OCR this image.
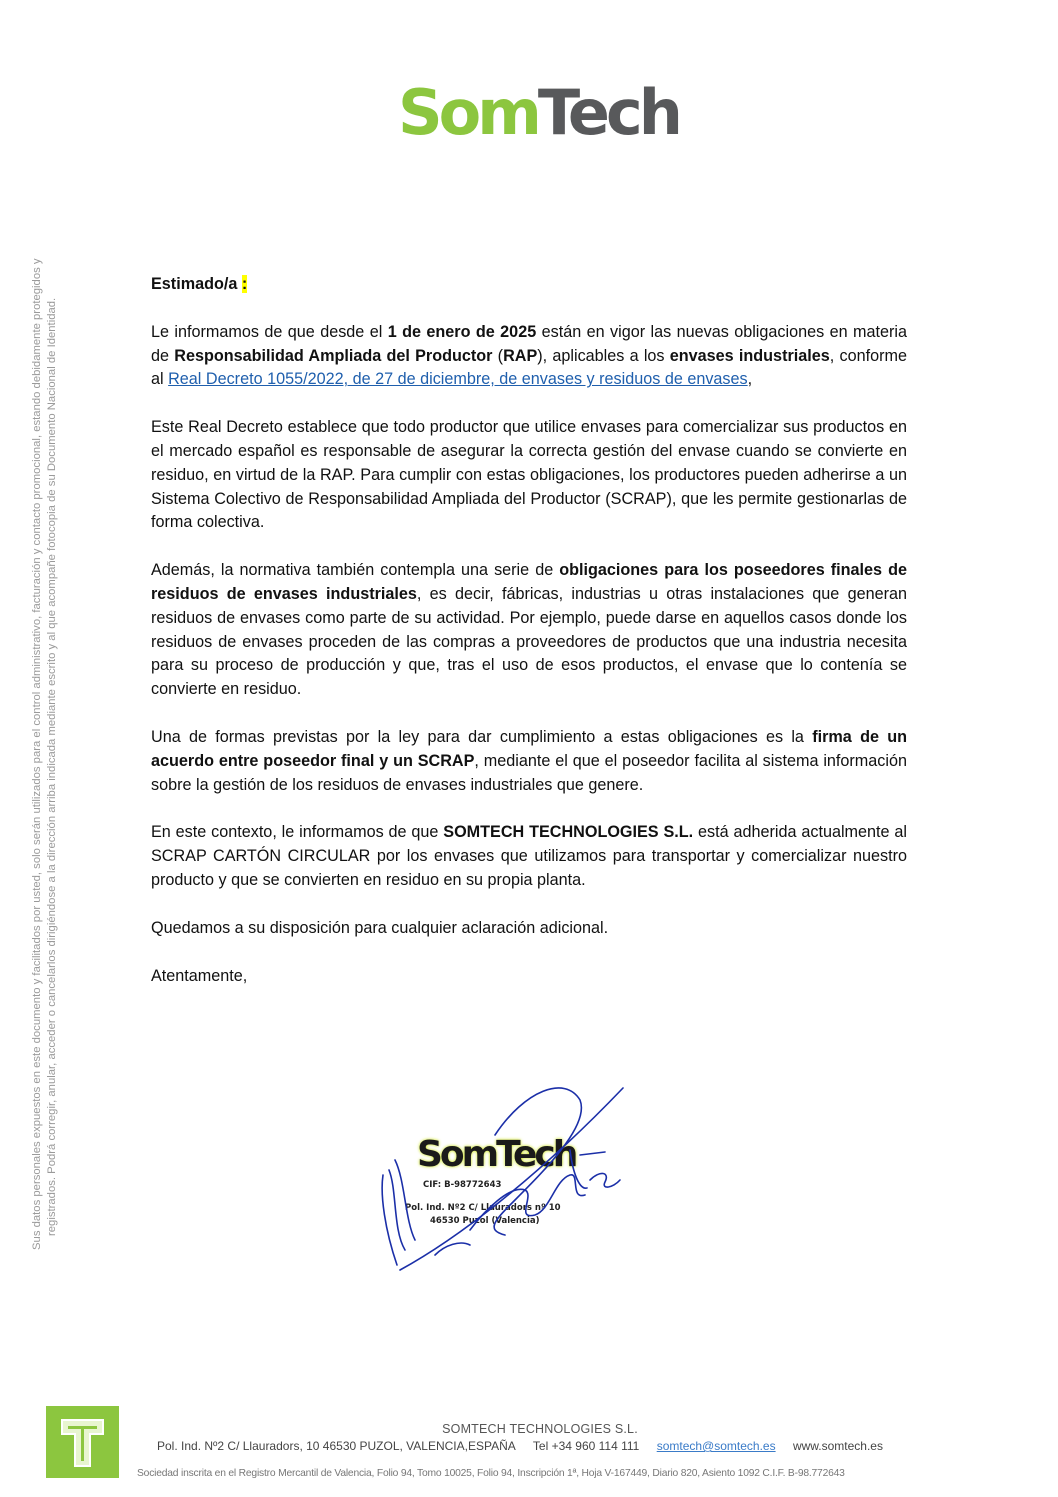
SomTech
Sus datos personales expuestos en este documento y facilitados por usted, solo serán utilizados para el control administrativo, facturación y contacto promocional, estando debidamente protegidos y registrados. Podrá corregir, anular, acceder o cancelarlos dirigiéndose a la dirección arriba indicada mediante escrito y al que acompañe fotocopia de su Documento Nacional de Identidad.

Estimado/a :

Le informamos de que desde el 1 de enero de 2025 están en vigor las nuevas obligaciones en materia de Responsabilidad Ampliada del Productor (RAP), aplicables a los envases industriales, conforme al Real Decreto 1055/2022, de 27 de diciembre, de envases y residuos de envases,

Este Real Decreto establece que todo productor que utilice envases para comercializar sus productos en el mercado español es responsable de asegurar la correcta gestión del envase cuando se convierte en residuo, en virtud de la RAP. Para cumplir con estas obligaciones, los productores pueden adherirse a un Sistema Colectivo de Responsabilidad Ampliada del Productor (SCRAP), que les permite gestionarlas de forma colectiva.

Además, la normativa también contempla una serie de obligaciones para los poseedores finales de residuos de envases industriales, es decir, fábricas, industrias u otras instalaciones que generan residuos de envases como parte de su actividad. Por ejemplo, puede darse en aquellos casos donde los residuos de envases proceden de las compras a proveedores de productos que una industria necesita para su proceso de producción y que, tras el uso de esos productos, el envase que lo contenía se convierte en residuo.

Una de formas previstas por la ley para dar cumplimiento a estas obligaciones es la firma de un acuerdo entre poseedor final y un SCRAP, mediante el que el poseedor facilita al sistema información sobre la gestión de los residuos de envases industriales que genere.

En este contexto, le informamos de que SOMTECH TECHNOLOGIES S.L. está adherida actualmente al SCRAP CARTÓN CIRCULAR por los envases que utilizamos para transportar y comercializar nuestro producto y que se convierten en residuo en su propia planta.

Quedamos a su disposición para cualquier aclaración adicional.

Atentamente,

SomTech
CIF: B-98772643
Pol. Ind. Nº2 C/ Llauradors nº 10
46530 Puzol (Valencia)
SOMTECH TECHNOLOGIES S.L.
Pol. Ind. Nº2 C/ Llauradors, 10 46530 PUZOL, VALENCIA,ESPAÑA Tel +34 960 114 111 somtech@somtech.es www.somtech.es
Sociedad inscrita en el Registro Mercantil de Valencia, Folio 94, Tomo 10025, Folio 94, Inscripción 1ª, Hoja V-167449, Diario 820, Asiento 1092 C.I.F. B-98.772643
